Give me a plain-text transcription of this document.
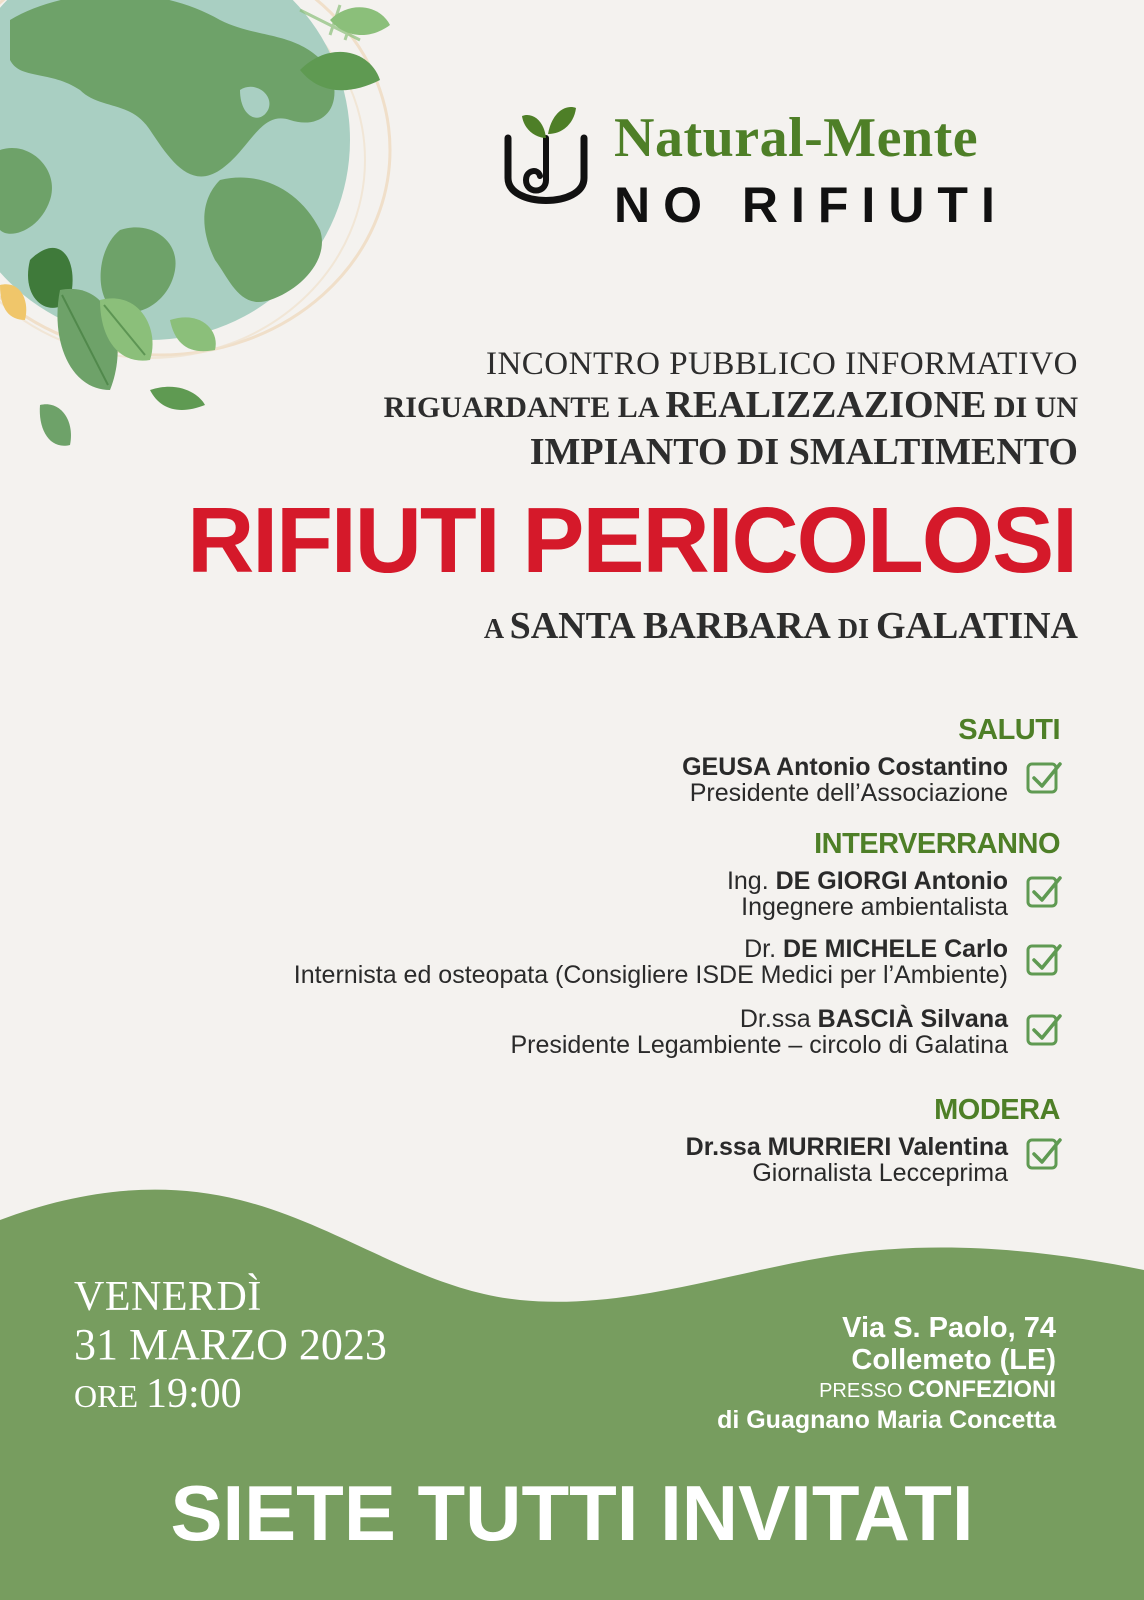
Natural-Mente
NO RIFIUTI
INCONTRO PUBBLICO INFORMATIVO
RIGUARDANTE LA REALIZZAZIONE DI UN
IMPIANTO DI SMALTIMENTO
RIFIUTI PERICOLOSI
A SANTA BARBARA DI GALATINA
SALUTI
GEUSA Antonio Costantino
Presidente dell’Associazione
INTERVERRANNO
Ing. DE GIORGI Antonio
Ingegnere ambientalista
Dr. DE MICHELE Carlo
Internista ed osteopata (Consigliere ISDE Medici per l’Ambiente)
Dr.ssa BASCIÀ Silvana
Presidente Legambiente – circolo di Galatina
MODERA
Dr.ssa MURRIERI Valentina
Giornalista Lecceprima
VENERDÌ
31 MARZO 2023
ORE 19:00
Via S. Paolo, 74
Collemeto (LE)
PRESSO CONFEZIONI
di Guagnano Maria Concetta
SIETE TUTTI INVITATI
